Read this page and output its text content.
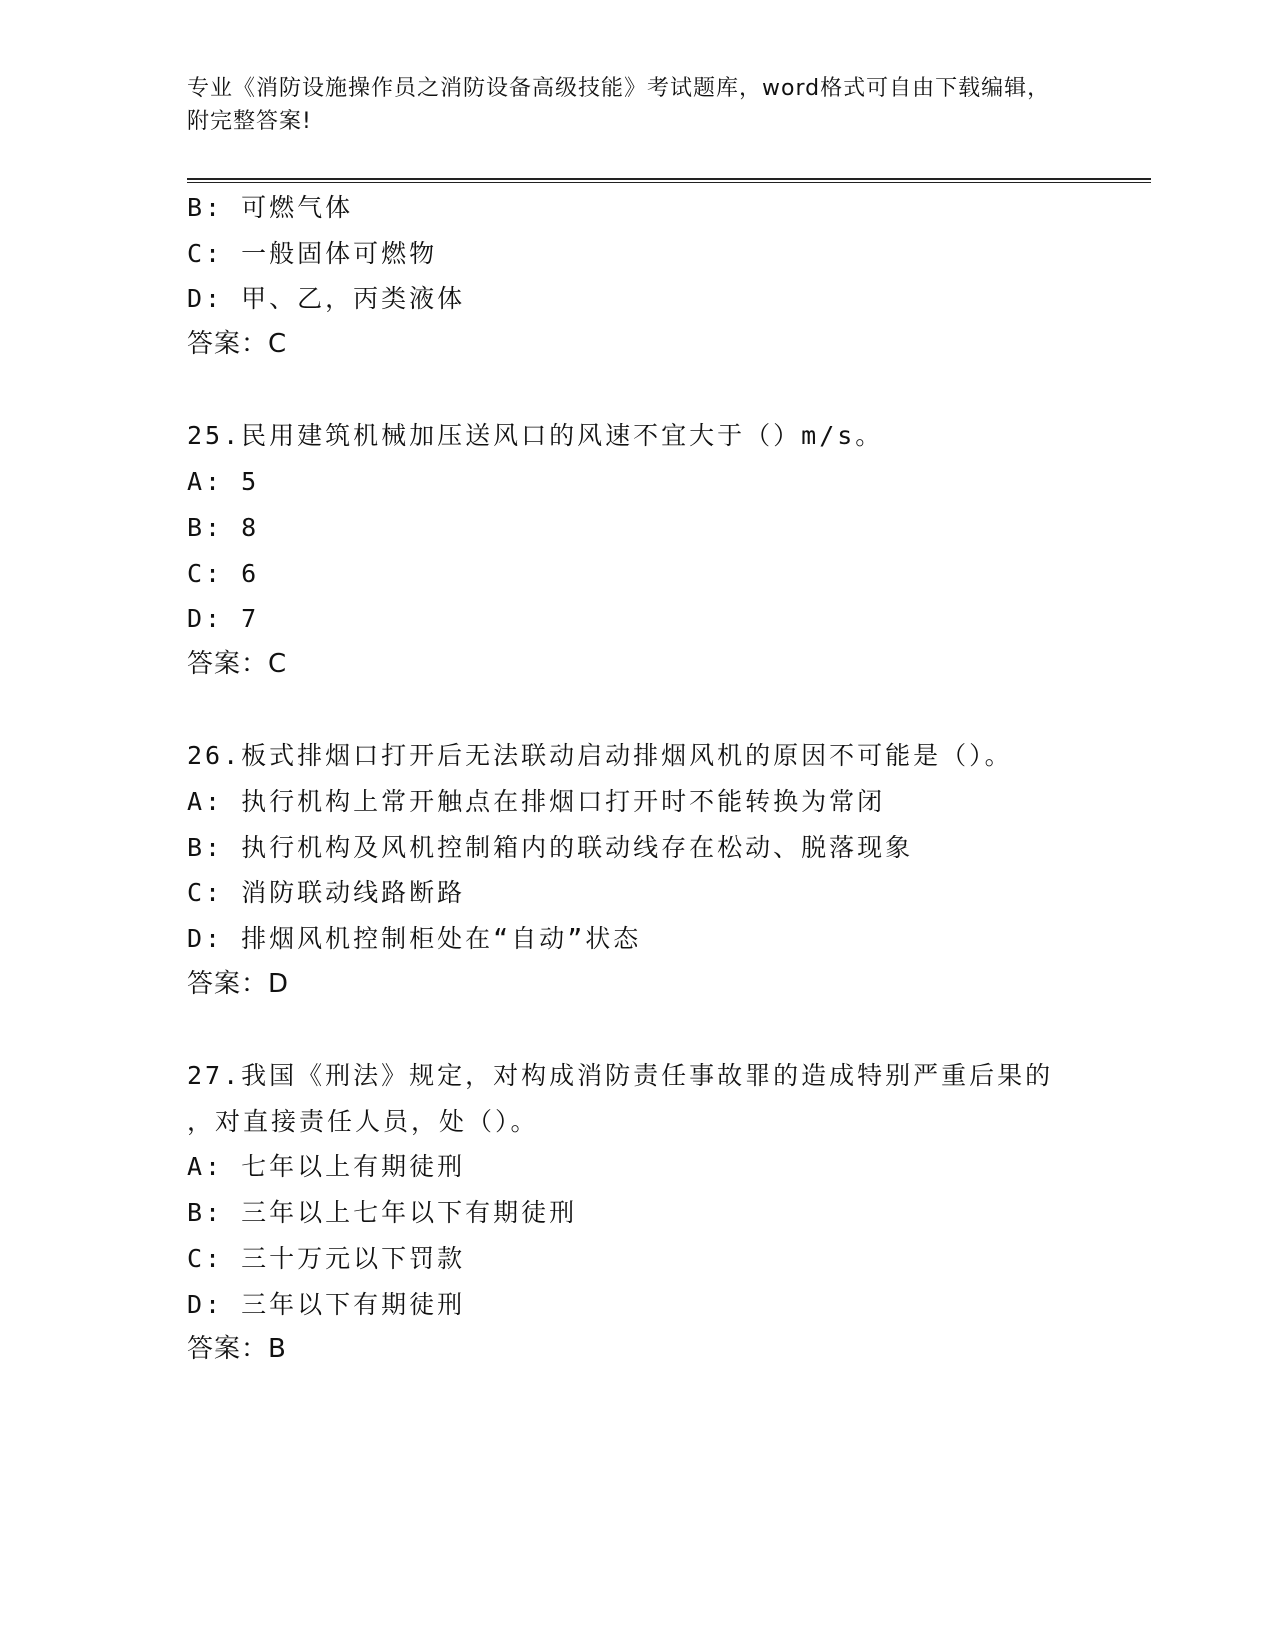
专业《消防设施操作员之消防设备高级技能》考试题库，word格式可自由下载编辑，附完整答案!
B: 可燃气体
C: 一般固体可燃物
D: 甲、乙，丙类液体
答案：C
25.民用建筑机械加压送风口的风速不宜大于（）m/s。
A: 5
B: 8
C: 6
D: 7
答案：C
26.板式排烟口打开后无法联动启动排烟风机的原因不可能是（）。
A: 执行机构上常开触点在排烟口打开时不能转换为常闭
B: 执行机构及风机控制箱内的联动线存在松动、脱落现象
C: 消防联动线路断路
D: 排烟风机控制柜处在“自动”状态
答案：D
27.我国《刑法》规定，对构成消防责任事故罪的造成特别严重后果的
，对直接责任人员，处（）。
A: 七年以上有期徒刑
B: 三年以上七年以下有期徒刑
C: 三十万元以下罚款
D: 三年以下有期徒刑
答案：B
